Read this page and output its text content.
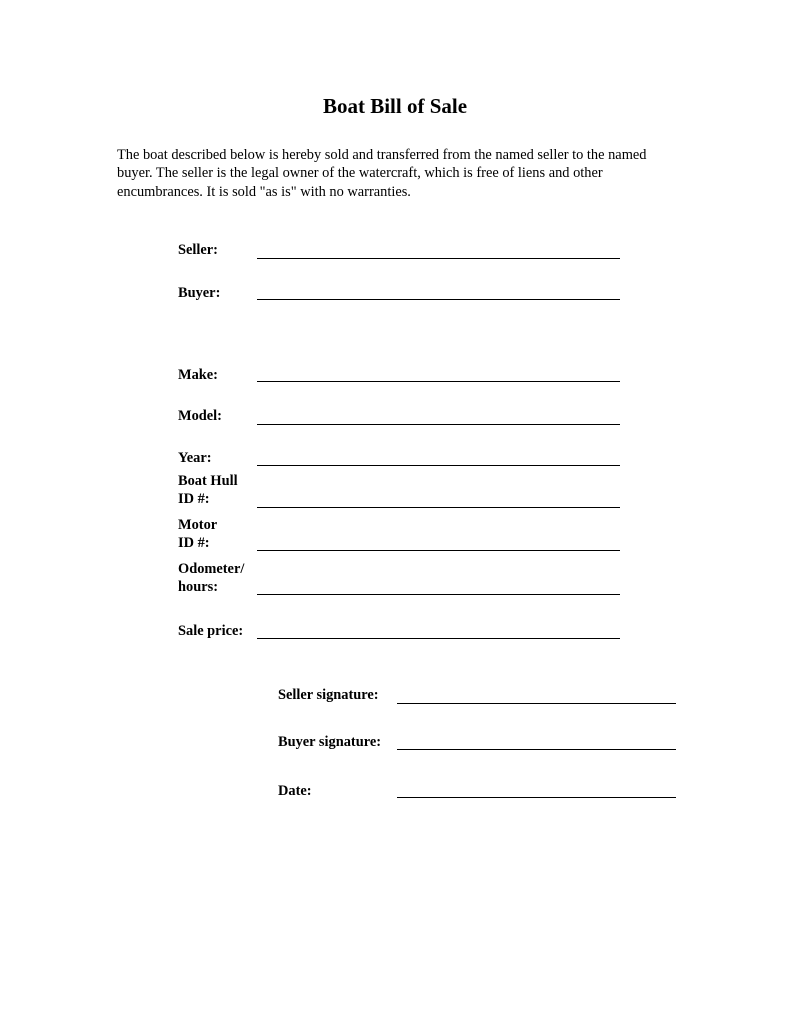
Boat Bill of Sale

The boat described below is hereby sold and transferred from the named seller to the named buyer. The seller is the legal owner of the watercraft, which is free of liens and other encumbrances. It is sold "as is" with no warranties.

Seller:
Buyer:
Make:
Model:
Year:
Boat Hull
ID #:
Motor
ID #:
Odometer/
hours:
Sale price:
Seller signature:
Buyer signature:
Date:
